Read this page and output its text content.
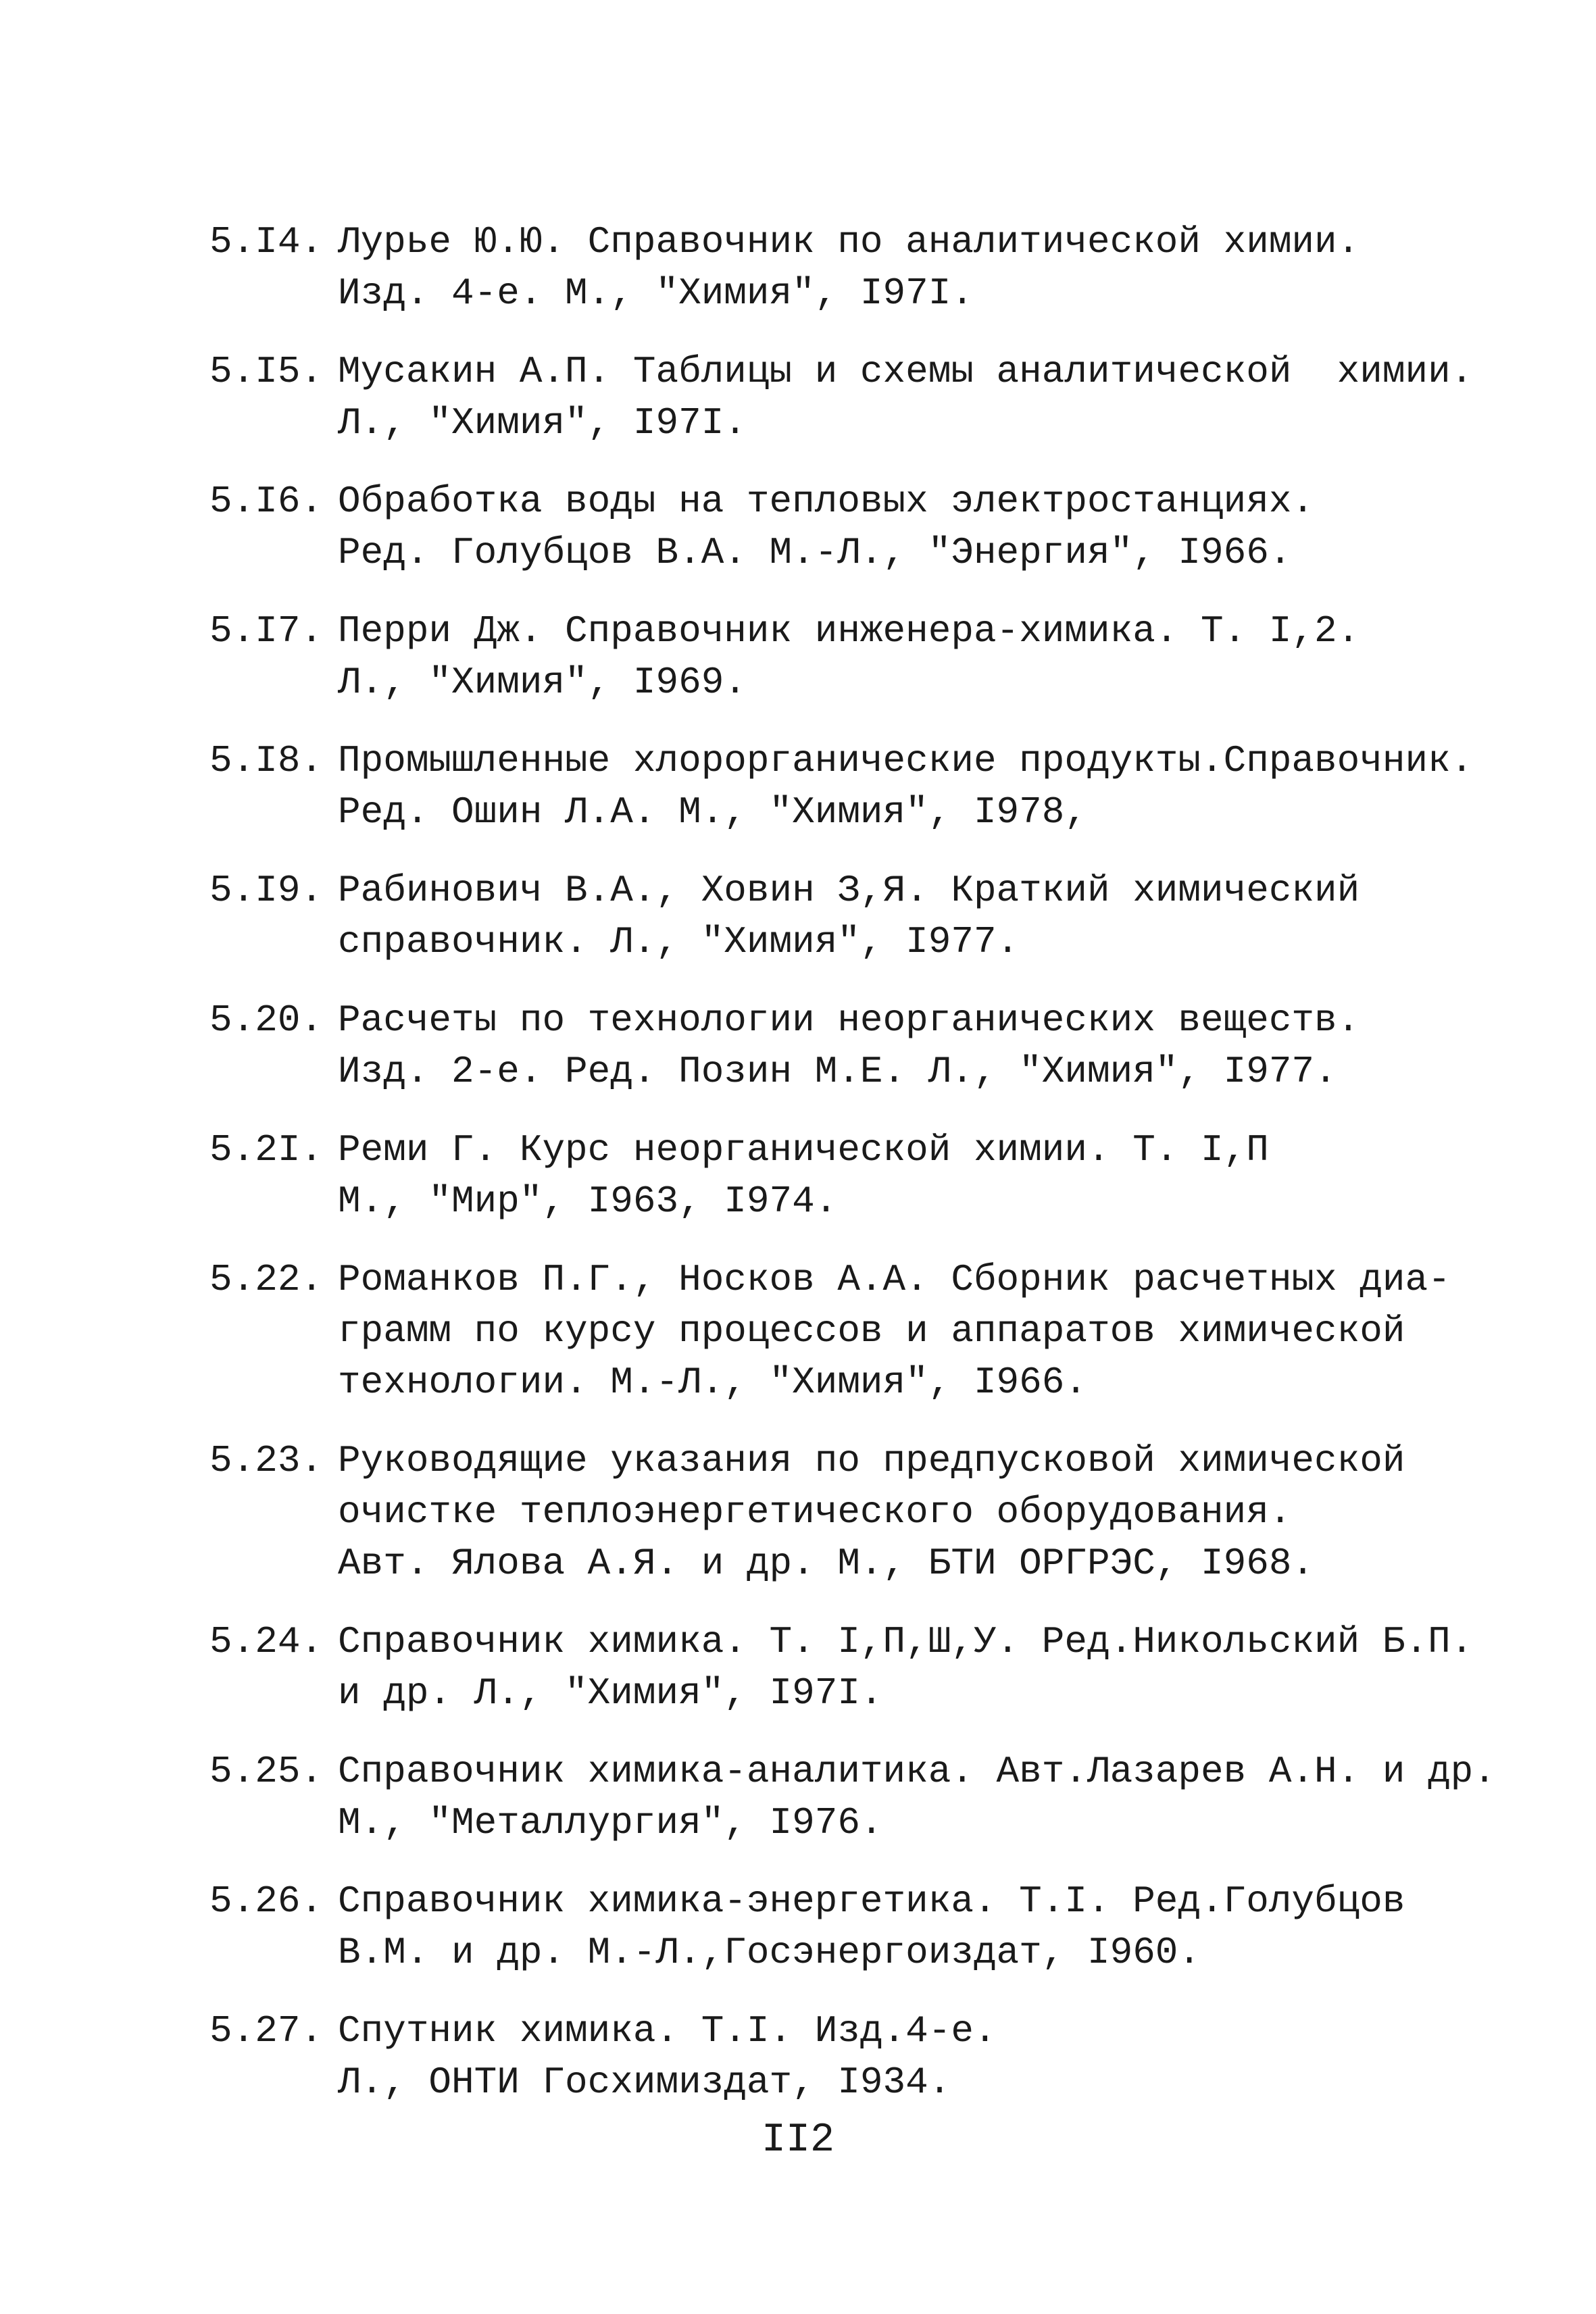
5.I4. Лурье Ю.Ю. Справочник по аналитической химии.
Изд. 4-е. М., "Химия", I97I.
5.I5. Мусакин А.П. Таблицы и схемы аналитической  химии.
Л., "Химия", I97I.
5.I6. Обработка воды на тепловых электростанциях.
Ред. Голубцов В.А. М.-Л., "Энергия", I966.
5.I7. Перри Дж. Справочник инженера-химика. Т. I,2.
Л., "Химия", I969.
5.I8. Промышленные хлорорганические продукты.Справочник.
Ред. Ошин Л.А. М., "Химия", I978,
5.I9. Рабинович В.А., Ховин З,Я. Краткий химический
справочник. Л., "Химия", I977.
5.20. Расчеты по технологии неорганических веществ.
Изд. 2-е. Ред. Позин М.Е. Л., "Химия", I977.
5.2I. Реми Г. Курс неорганической химии. Т. I,П
М., "Мир", I963, I974.
5.22. Романков П.Г., Носков А.А. Сборник расчетных диа-
грамм по курсу процессов и аппаратов химической
технологии. М.-Л., "Химия", I966.
5.23. Руководящие указания по предпусковой химической
очистке теплоэнергетического оборудования.
Авт. Ялова А.Я. и др. М., БТИ ОРГРЭС, I968.
5.24. Справочник химика. Т. I,П,Ш,У. Ред.Никольский Б.П.
и др. Л., "Химия", I97I.
5.25. Справочник химика-аналитика. Авт.Лазарев А.Н. и др.
М., "Металлургия", I976.
5.26. Справочник химика-энергетика. Т.I. Ред.Голубцов
В.М. и др. М.-Л.,Госэнергоиздат, I960.
5.27. Спутник химика. Т.I. Изд.4-е.
Л., ОНТИ Госхимиздат, I934.
II2
